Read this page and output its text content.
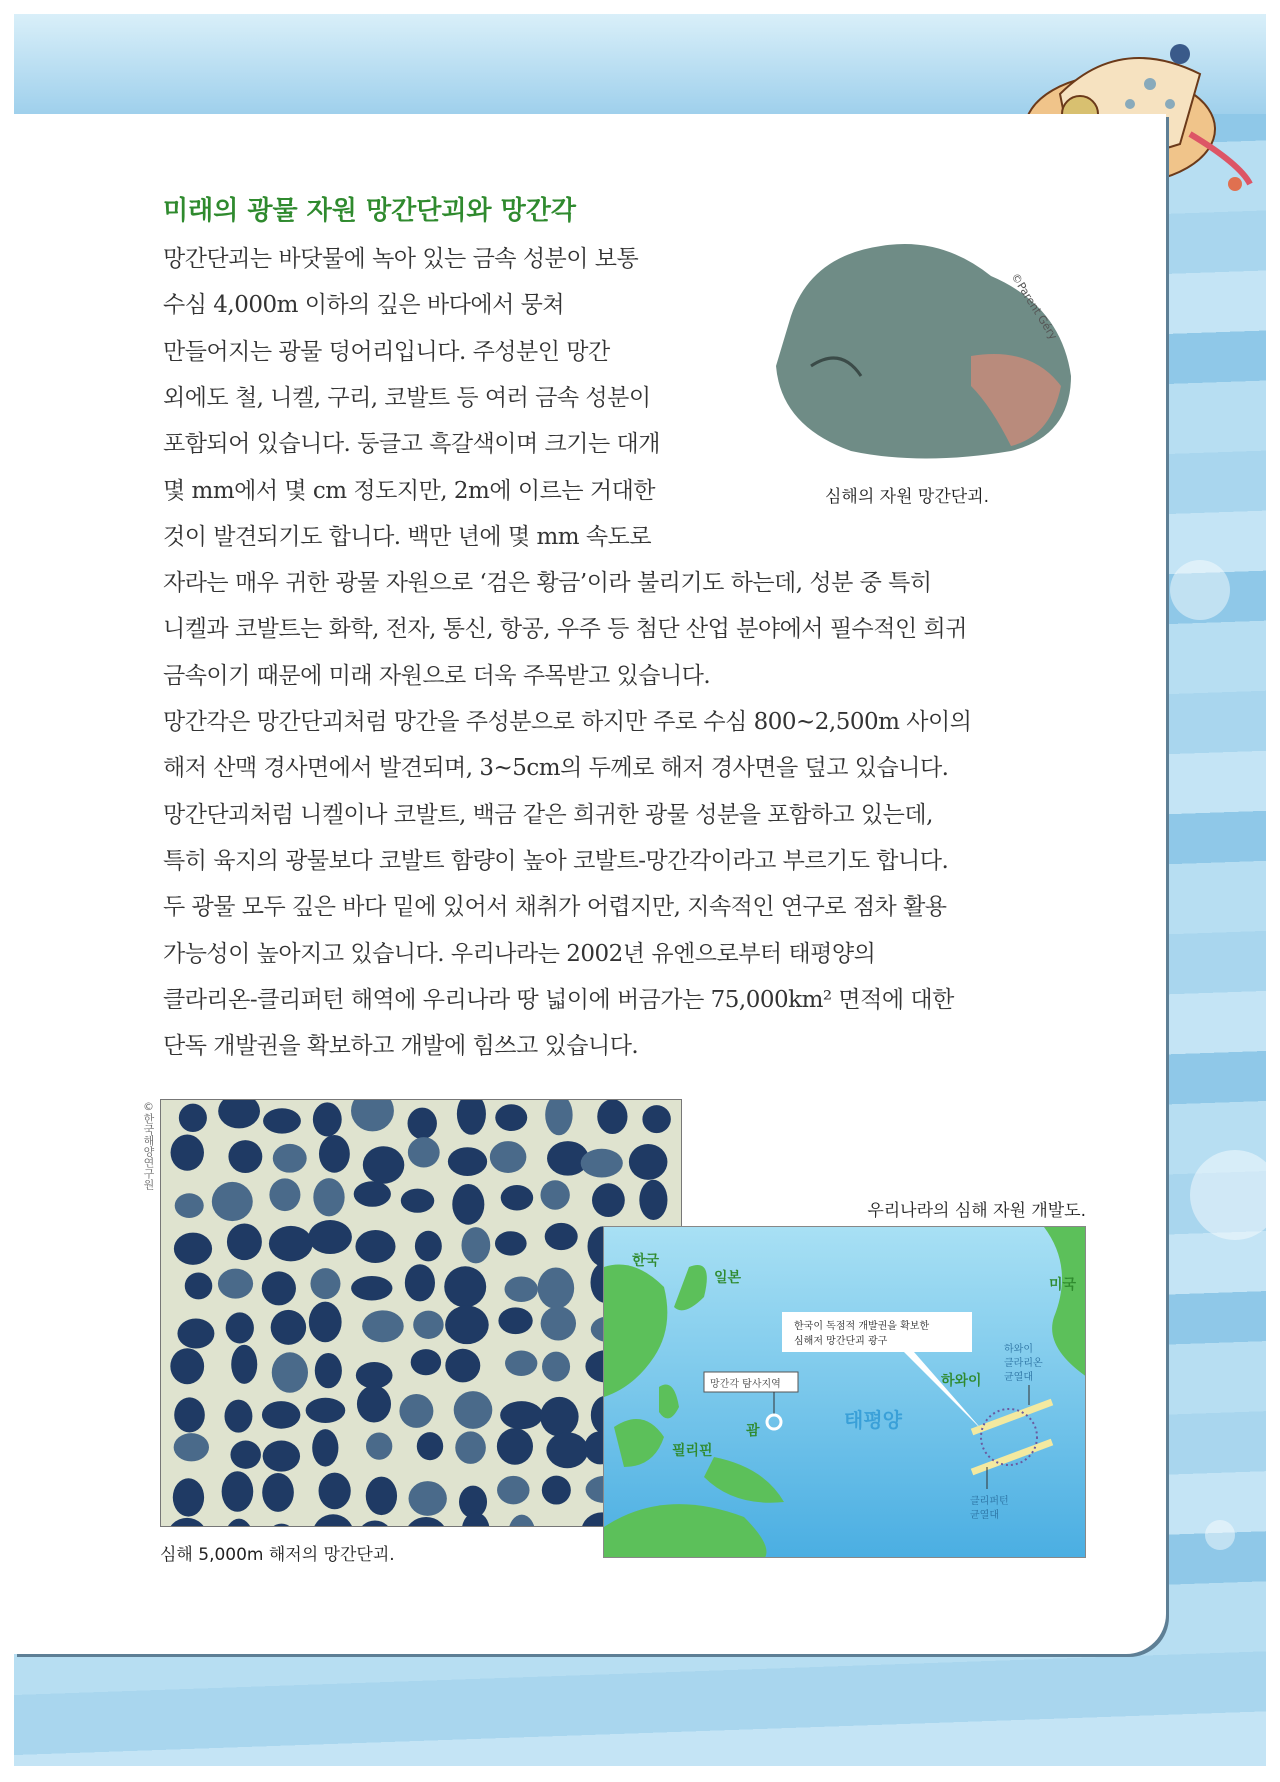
미래의 광물 자원 망간단괴와 망간각
망간단괴는 바닷물에 녹아 있는 금속 성분이 보통
수심 4,000m 이하의 깊은 바다에서 뭉쳐
만들어지는 광물 덩어리입니다. 주성분인 망간
외에도 철, 니켈, 구리, 코발트 등 여러 금속 성분이
포함되어 있습니다. 둥글고 흑갈색이며 크기는 대개
몇 mm에서 몇 cm 정도지만, 2m에 이르는 거대한
것이 발견되기도 합니다. 백만 년에 몇 mm 속도로
자라는 매우 귀한 광물 자원으로 ‘검은 황금’이라 불리기도 하는데, 성분 중 특히
니켈과 코발트는 화학, 전자, 통신, 항공, 우주 등 첨단 산업 분야에서 필수적인 희귀
금속이기 때문에 미래 자원으로 더욱 주목받고 있습니다.
망간각은 망간단괴처럼 망간을 주성분으로 하지만 주로 수심 800~2,500m 사이의
해저 산맥 경사면에서 발견되며, 3~5cm의 두께로 해저 경사면을 덮고 있습니다.
망간단괴처럼 니켈이나 코발트, 백금 같은 희귀한 광물 성분을 포함하고 있는데,
특히 육지의 광물보다 코발트 함량이 높아 코발트-망간각이라고 부르기도 합니다.
두 광물 모두 깊은 바다 밑에 있어서 채취가 어렵지만, 지속적인 연구로 점차 활용
가능성이 높아지고 있습니다. 우리나라는 2002년 유엔으로부터 태평양의
클라리온-클리퍼턴 해역에 우리나라 땅 넓이에 버금가는 75,000km² 면적에 대한
단독 개발권을 확보하고 개발에 힘쓰고 있습니다.
©Parent Géry
심해의 자원 망간단괴.
©한국해양연구원
심해 5,000m 해저의 망간단괴.
우리나라의 심해 자원 개발도.
한국
일본	미국
필리핀
괌	태평양
하와이
한국이 독점적 개발권을 확보한
심해저 망간단괴 광구
망간각 탐사지역
하와이
클라리온
균열대
클리퍼턴
균열대
